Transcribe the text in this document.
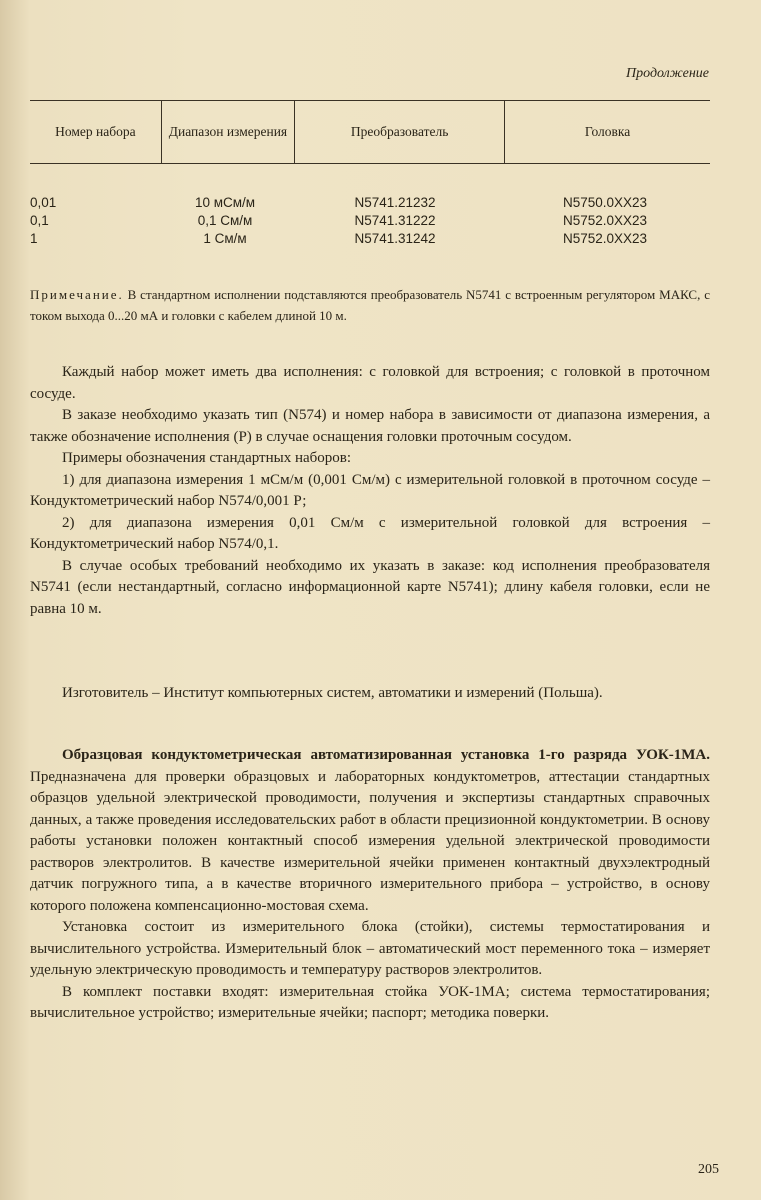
Продолжение
Номер набора	Диапазон измерения	Преобразователь	Головка
0,01	10 мСм/м	N5741.21232	N5750.0XX23
0,1	0,1 См/м	N5741.31222	N5752.0XX23
1	1 См/м	N5741.31242	N5752.0XX23
Примечание. В стандартном исполнении подставляются преобразователь N5741 с встроенным регулятором МАКС, с током выхода 0...20 мА и головки с кабелем длиной 10 м.

Каждый набор может иметь два исполнения: с головкой для встроения; с головкой в проточном сосуде.

В заказе необходимо указать тип (N574) и номер набора в зависимости от диапазона измерения, а также обозначение исполнения (Р) в случае оснащения головки проточным сосудом.

Примеры обозначения стандартных наборов:

1) для диапазона измерения 1 мСм/м (0,001 См/м) с измерительной головкой в проточном сосуде – Кондуктометрический набор N574/0,001 Р;

2) для диапазона измерения 0,01 См/м с измерительной головкой для встроения – Кондуктометрический набор N574/0,1.

В случае особых требований необходимо их указать в заказе: код исполнения преобразователя N5741 (если нестандартный, согласно информационной карте N5741); длину кабеля головки, если не равна 10 м.

Изготовитель – Институт компьютерных систем, автоматики и измерений (Польша).

Образцовая кондуктометрическая автоматизированная установка 1-го разряда УОК-1МА. Предназначена для проверки образцовых и лабораторных кондуктометров, аттестации стандартных образцов удельной электрической проводимости, получения и экспертизы стандартных справочных данных, а также проведения исследовательских работ в области прецизионной кондуктометрии. В основу работы установки положен контактный способ измерения удельной электрической проводимости растворов электролитов. В качестве измерительной ячейки применен контактный двухэлектродный датчик погружного типа, а в качестве вторичного измерительного прибора – устройство, в основу которого положена компенсационно-мостовая схема.

Установка состоит из измерительного блока (стойки), системы термостатирования и вычислительного устройства. Измерительный блок – автоматический мост переменного тока – измеряет удельную электрическую проводимость и температуру растворов электролитов.

В комплект поставки входят: измерительная стойка УОК-1МА; система термостатирования; вычислительное устройство; измерительные ячейки; паспорт; методика поверки.

205
